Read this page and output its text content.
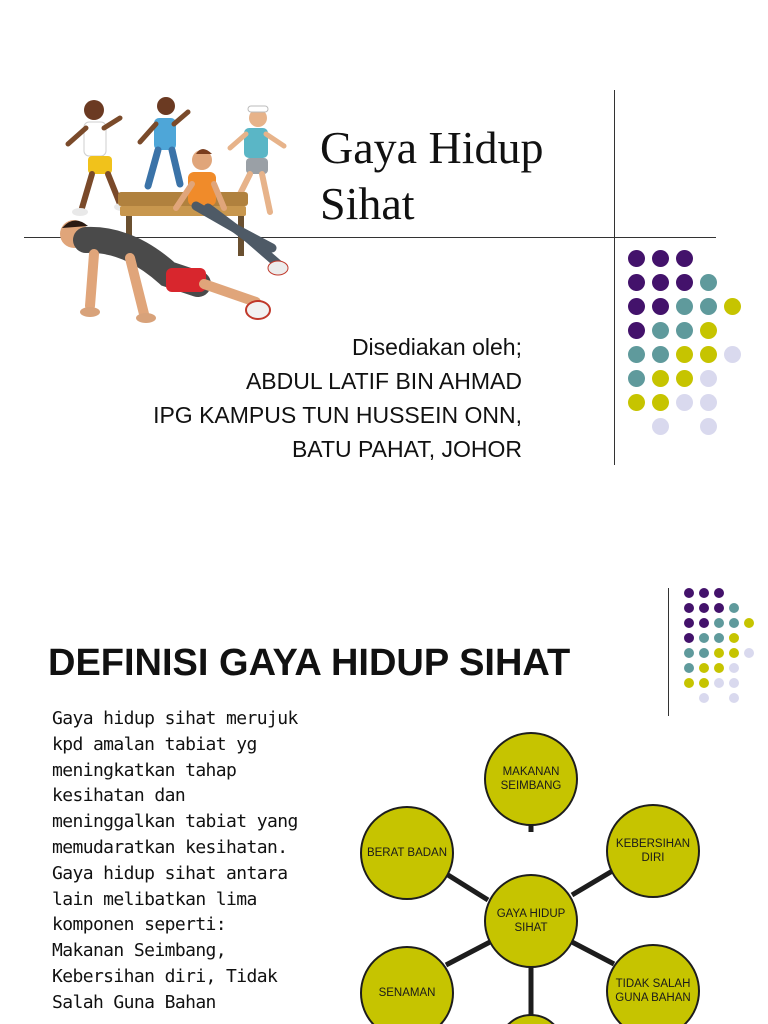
Gaya Hidup Sihat
Disediakan oleh;
ABDUL LATIF BIN AHMAD
IPG KAMPUS TUN HUSSEIN ONN,
BATU PAHAT, JOHOR
DEFINISI GAYA HIDUP SIHAT
Gaya hidup sihat merujuk kpd amalan tabiat yg meningkatkan tahap kesihatan dan meninggalkan tabiat yang memudaratkan kesihatan. Gaya hidup sihat antara lain melibatkan lima komponen seperti: Makanan Seimbang, Kebersihan diri, Tidak Salah Guna Bahan
MAKANAN SEIMBANG
KEBERSIHAN DIRI
TIDAK SALAH GUNA BAHAN
SENAMAN
BERAT BADAN
GAYA HIDUP SIHAT
